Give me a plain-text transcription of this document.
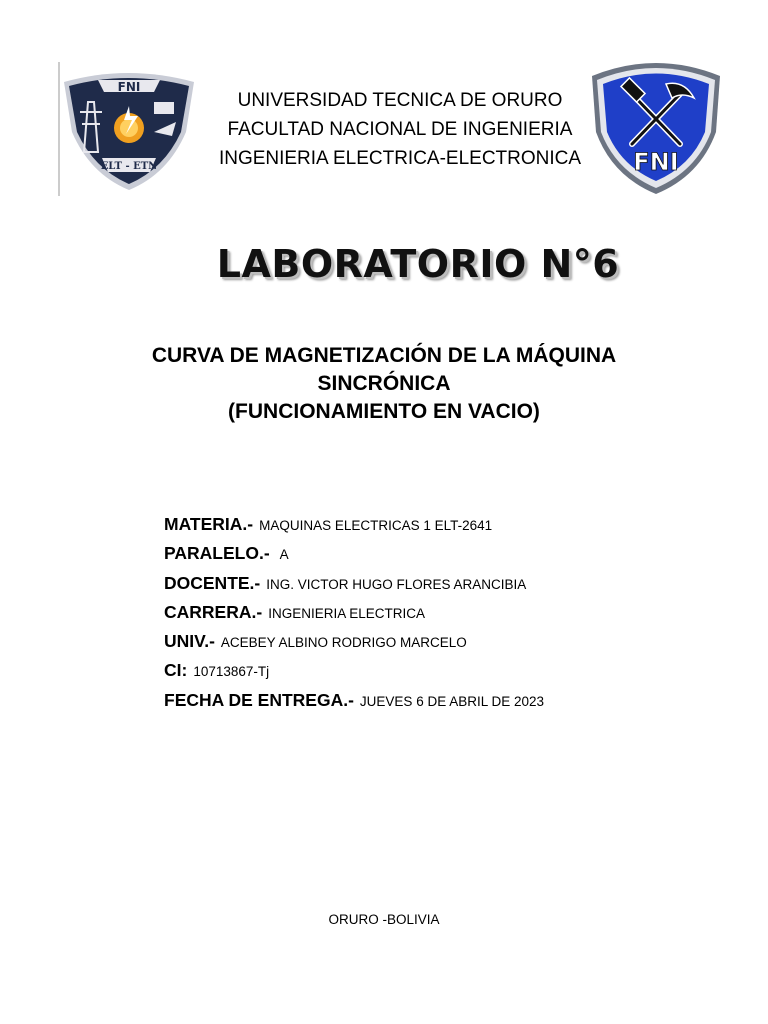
FNI
ELT - ETN
UNIVERSIDAD TECNICA DE ORURO
FACULTAD NACIONAL DE INGENIERIA
INGENIERIA ELECTRICA-ELECTRONICA	FNI
LABORATORIO N°6
CURVA DE MAGNETIZACIÓN DE LA MÁQUINA
SINCRÓNICA
(FUNCIONAMIENTO EN VACIO)
MATERIA.- MAQUINAS ELECTRICAS 1 ELT-2641
PARALELO.- A
DOCENTE.- ING. VICTOR HUGO FLORES ARANCIBIA
CARRERA.- INGENIERIA ELECTRICA
UNIV.- ACEBEY ALBINO RODRIGO MARCELO
CI: 10713867-Tj
FECHA DE ENTREGA.- JUEVES 6 DE ABRIL DE 2023
ORURO -BOLIVIA
